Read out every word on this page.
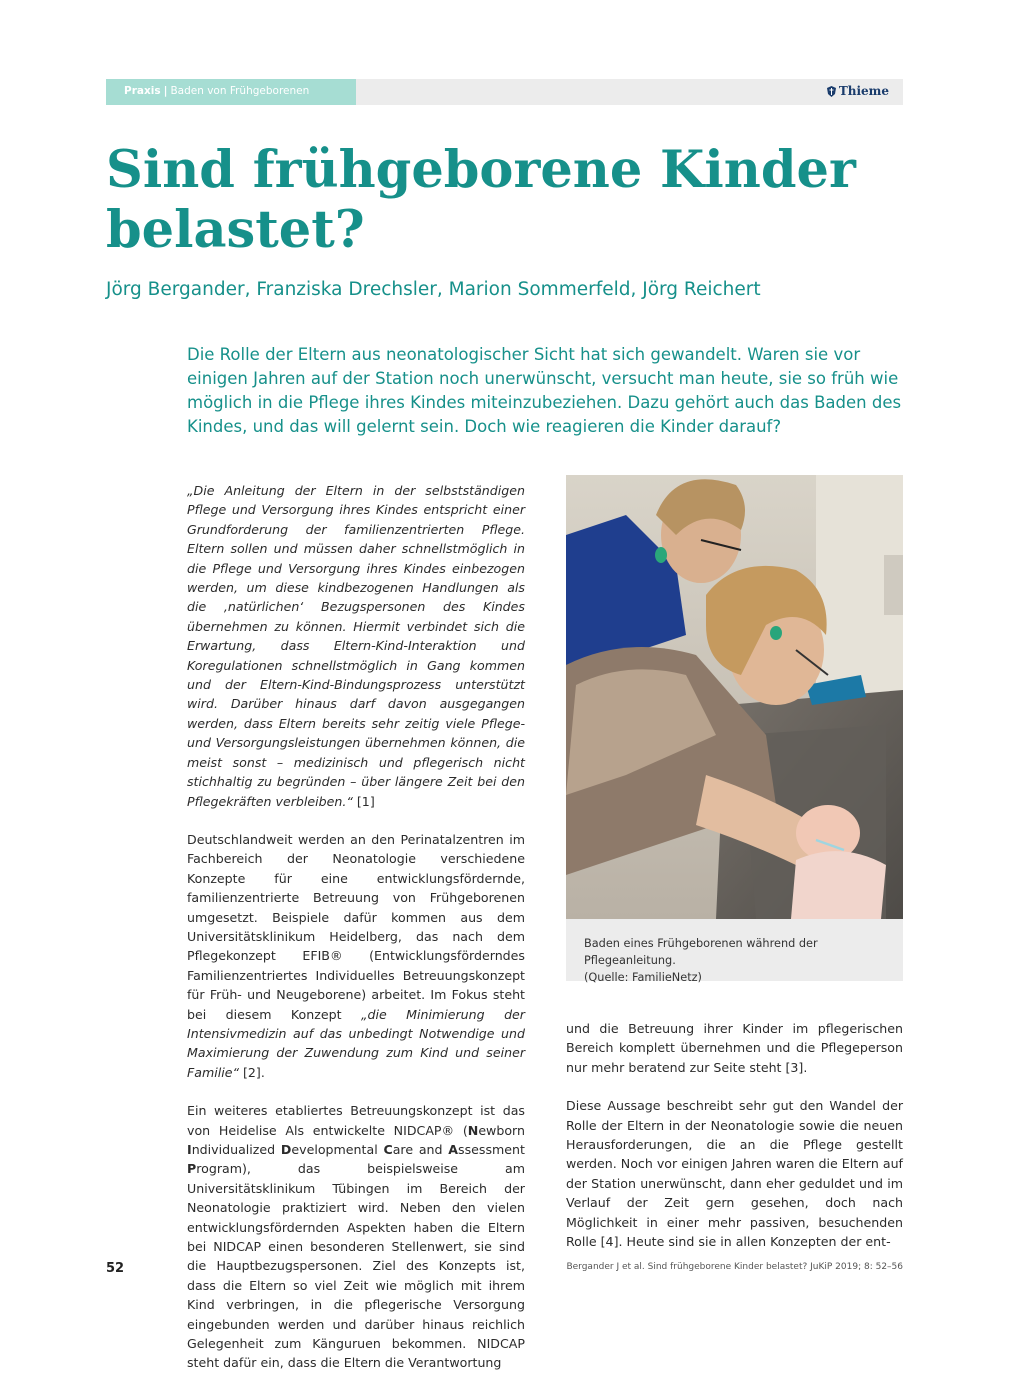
Praxis | Baden von Frühgeborenen	Thieme
Sind frühgeborene Kinder belastet?

Jörg Bergander, Franziska Drechsler, Marion Sommerfeld, Jörg Reichert

Die Rolle der Eltern aus neonatologischer Sicht hat sich gewandelt. Waren sie vor einigen Jahren auf der Station noch unerwünscht, versucht man heute, sie so früh wie möglich in die Pflege ihres Kindes miteinzubeziehen. Dazu gehört auch das Baden des Kindes, und das will gelernt sein. Doch wie reagieren die Kinder darauf?

„Die Anleitung der Eltern in der selbstständigen Pflege und Versorgung ihres Kindes entspricht einer Grundforderung der familienzentrierten Pflege. Eltern sollen und müssen daher schnellstmöglich in die Pflege und Versorgung ihres Kindes einbezogen werden, um diese kindbezogenen Handlungen als die ‚natürlichen‘ Bezugspersonen des Kindes übernehmen zu können. Hiermit verbindet sich die Erwartung, dass Eltern-Kind-Interaktion und Koregulationen schnellstmöglich in Gang kommen und der Eltern-Kind-Bindungsprozess unterstützt wird. Darüber hinaus darf davon ausgegangen werden, dass Eltern bereits sehr zeitig viele Pflege- und Versorgungsleistungen übernehmen können, die meist sonst – medizinisch und pflegerisch nicht stichhaltig zu begründen – über längere Zeit bei den Pflegekräften verbleiben.“ [1]

Deutschlandweit werden an den Perinatalzentren im Fachbereich der Neonatologie verschiedene Konzepte für eine entwicklungsfördernde, familienzentrierte Betreuung von Frühgeborenen umgesetzt. Beispiele dafür kommen aus dem Universitätsklinikum Heidelberg, das nach dem Pflegekonzept EFIB® (Entwicklungsförderndes Familienzentriertes Individuelles Betreuungskonzept für Früh- und Neugeborene) arbeitet. Im Fokus steht bei diesem Konzept „die Minimierung der Intensivmedizin auf das unbedingt Notwendige und Maximierung der Zuwendung zum Kind und seiner Familie“ [2].

Ein weiteres etabliertes Betreuungskonzept ist das von Heidelise Als entwickelte NIDCAP® (Newborn Individualized Developmental Care and Assessment Program), das beispielsweise am Universitätsklinikum Tübingen im Bereich der Neonatologie praktiziert wird. Neben den vielen entwicklungsfördernden Aspekten haben die Eltern bei NIDCAP einen besonderen Stellenwert, sie sind die Hauptbezugspersonen. Ziel des Konzepts ist, dass die Eltern so viel Zeit wie möglich mit ihrem Kind verbringen, in die pflegerische Versorgung eingebunden werden und darüber hinaus reichlich Gelegenheit zum Känguruen bekommen. NIDCAP steht dafür ein, dass die Eltern die Verantwortung

Baden eines Frühgeborenen während der Pflegeanleitung.
(Quelle: FamilieNetz)

und die Betreuung ihrer Kinder im pflegerischen Bereich komplett übernehmen und die Pflegeperson nur mehr beratend zur Seite steht [3].

Diese Aussage beschreibt sehr gut den Wandel der Rolle der Eltern in der Neonatologie sowie die neuen Herausforderungen, die an die Pflege gestellt werden. Noch vor einigen Jahren waren die Eltern auf der Station unerwünscht, dann eher geduldet und im Verlauf der Zeit gern gesehen, doch nach Möglichkeit in einer mehr passiven, besuchenden Rolle [4]. Heute sind sie in allen Konzepten der ent-

52	Bergander J et al. Sind frühgeborene Kinder belastet? JuKiP 2019; 8: 52–56
